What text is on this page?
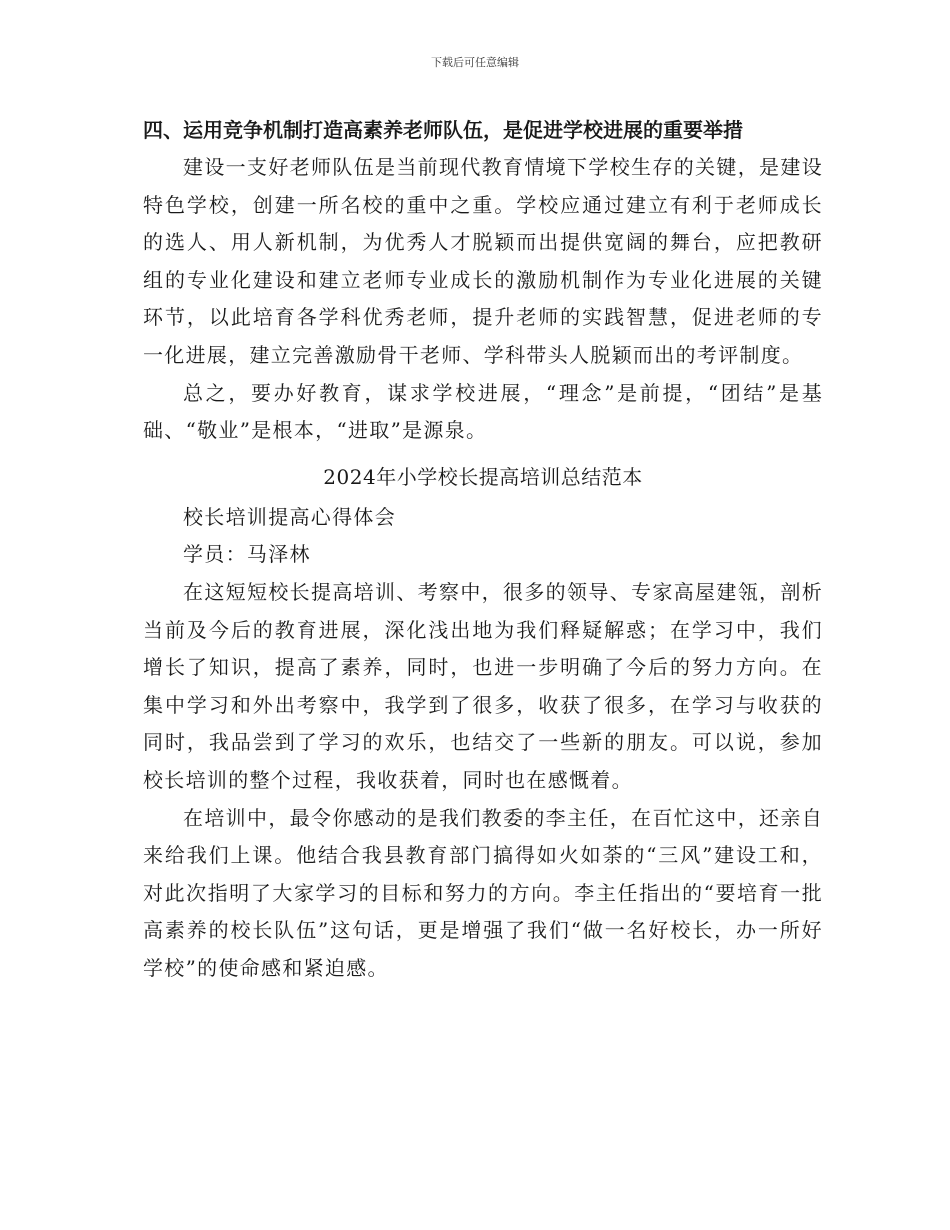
下载后可任意编辑

四、运用竞争机制打造高素养老师队伍，是促进学校进展的重要举措

建设一支好老师队伍是当前现代教育情境下学校生存的关键，是建设特色学校，创建一所名校的重中之重。学校应通过建立有利于老师成长的选人、用人新机制，为优秀人才脱颖而出提供宽阔的舞台，应把教研组的专业化建设和建立老师专业成长的激励机制作为专业化进展的关键环节，以此培育各学科优秀老师，提升老师的实践智慧，促进老师的专一化进展，建立完善激励骨干老师、学科带头人脱颖而出的考评制度。

总之，要办好教育，谋求学校进展，“理念”是前提，“团结”是基础、“敬业”是根本，“进取”是源泉。

2024年小学校长提高培训总结范本

校长培训提高心得体会

学员：马泽林

在这短短校长提高培训、考察中，很多的领导、专家高屋建瓴，剖析当前及今后的教育进展，深化浅出地为我们释疑解惑；在学习中，我们增长了知识，提高了素养，同时，也进一步明确了今后的努力方向。在集中学习和外出考察中，我学到了很多，收获了很多，在学习与收获的同时，我品尝到了学习的欢乐，也结交了一些新的朋友。可以说，参加校长培训的整个过程，我收获着，同时也在感慨着。

在培训中，最令你感动的是我们教委的李主任，在百忙这中，还亲自来给我们上课。他结合我县教育部门搞得如火如荼的“三风”建设工和，对此次指明了大家学习的目标和努力的方向。李主任指出的“要培育一批高素养的校长队伍”这句话，更是增强了我们“做一名好校长，办一所好学校”的使命感和紧迫感。
